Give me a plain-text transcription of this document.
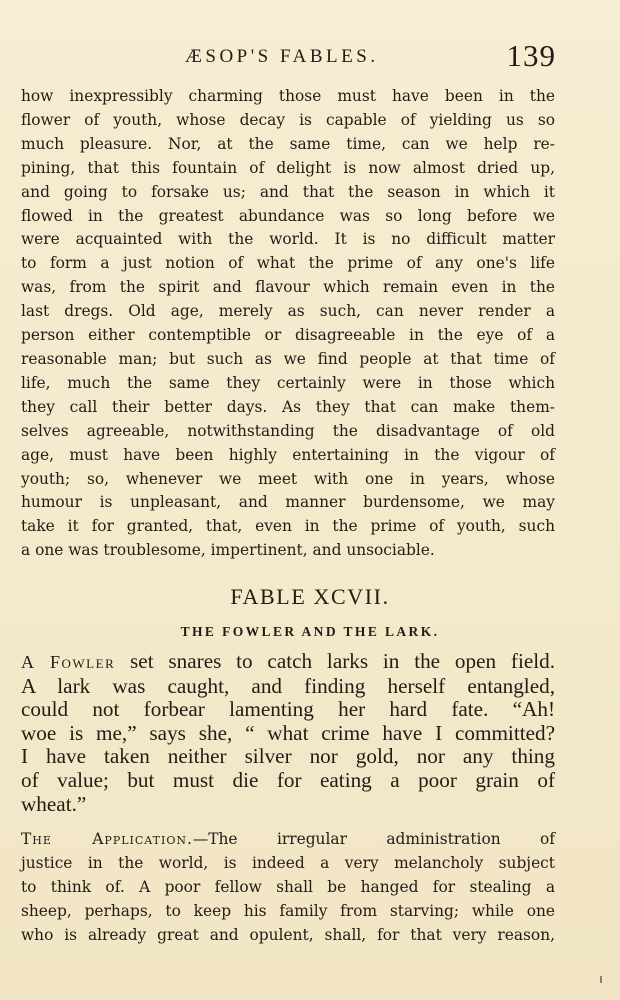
ÆSOP'S FABLES.	139
how inexpressibly charming those must have been in the
flower of youth, whose decay is capable of yielding us so
much pleasure. Nor, at the same time, can we help re-
pining, that this fountain of delight is now almost dried up,
and going to forsake us; and that the season in which it
flowed in the greatest abundance was so long before we
were acquainted with the world. It is no difficult matter
to form a just notion of what the prime of any one's life
was, from the spirit and flavour which remain even in the
last dregs. Old age, merely as such, can never render a
person either contemptible or disagreeable in the eye of a
reasonable man; but such as we find people at that time of
life, much the same they certainly were in those which
they call their better days. As they that can make them-
selves agreeable, notwithstanding the disadvantage of old
age, must have been highly entertaining in the vigour of
youth; so, whenever we meet with one in years, whose
humour is unpleasant, and manner burdensome, we may
take it for granted, that, even in the prime of youth, such
a one was troublesome, impertinent, and unsociable.
FABLE XCVII.
THE FOWLER AND THE LARK.
A Fowler set snares to catch larks in the open field.
A lark was caught, and finding herself entangled,
could not forbear lamenting her hard fate. “Ah!
woe is me,” says she, “ what crime have I committed?
I have taken neither silver nor gold, nor any thing
of value; but must die for eating a poor grain of
wheat.”
The Application.—The irregular administration of
justice in the world, is indeed a very melancholy subject
to think of. A poor fellow shall be hanged for stealing a
sheep, perhaps, to keep his family from starving; while one
who is already great and opulent, shall, for that very reason,
